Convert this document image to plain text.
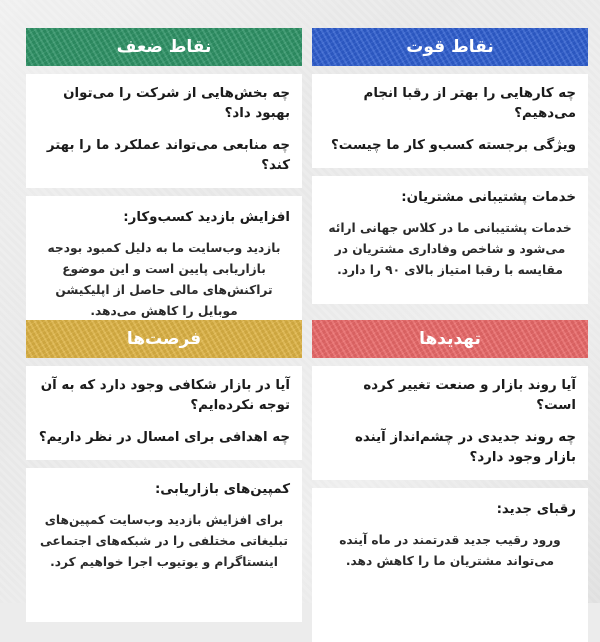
نقاط قوت

چه کارهایی را بهتر از رقبا انجام می‌دهیم؟

ویژگی برجسته کسب‌و کار ما چیست؟

خدمات پشتیبانی مشتریان:

خدمات پشتیبانی ما در کلاس جهانی ارائه می‌شود و شاخص وفاداری مشتریان در مقایسه با رقبا امتیاز بالای ۹۰ را دارد.

نقاط ضعف

چه بخش‌هایی از شرکت را می‌توان بهبود داد؟

چه منابعی می‌تواند عملکرد ما را بهتر کند؟

افزایش بازدید کسب‌وکار:

بازدید وب‌سایت ما به دلیل کمبود بودجه بازاریابی پایین است و این موضوع تراکنش‌های مالی حاصل از اپلیکیشن موبایل را کاهش می‌دهد.

تهدیدها

آیا روند بازار و صنعت تغییر کرده است؟

چه روند جدیدی در چشم‌انداز آینده بازار وجود دارد؟

رقبای جدید:

ورود رقیب جدید قدرتمند در ماه آینده می‌تواند مشتریان ما را کاهش دهد.

فرصت‌ها

آیا در بازار شکافی وجود دارد که به آن توجه نکرده‌ایم؟

چه اهدافی برای امسال در نظر داریم؟

کمپین‌های بازاریابی:

برای افزایش بازدید وب‌سایت کمپین‌های تبلیغاتی مختلفی را در شبکه‌های اجتماعی اینستاگرام و یوتیوب اجرا خواهیم کرد.
